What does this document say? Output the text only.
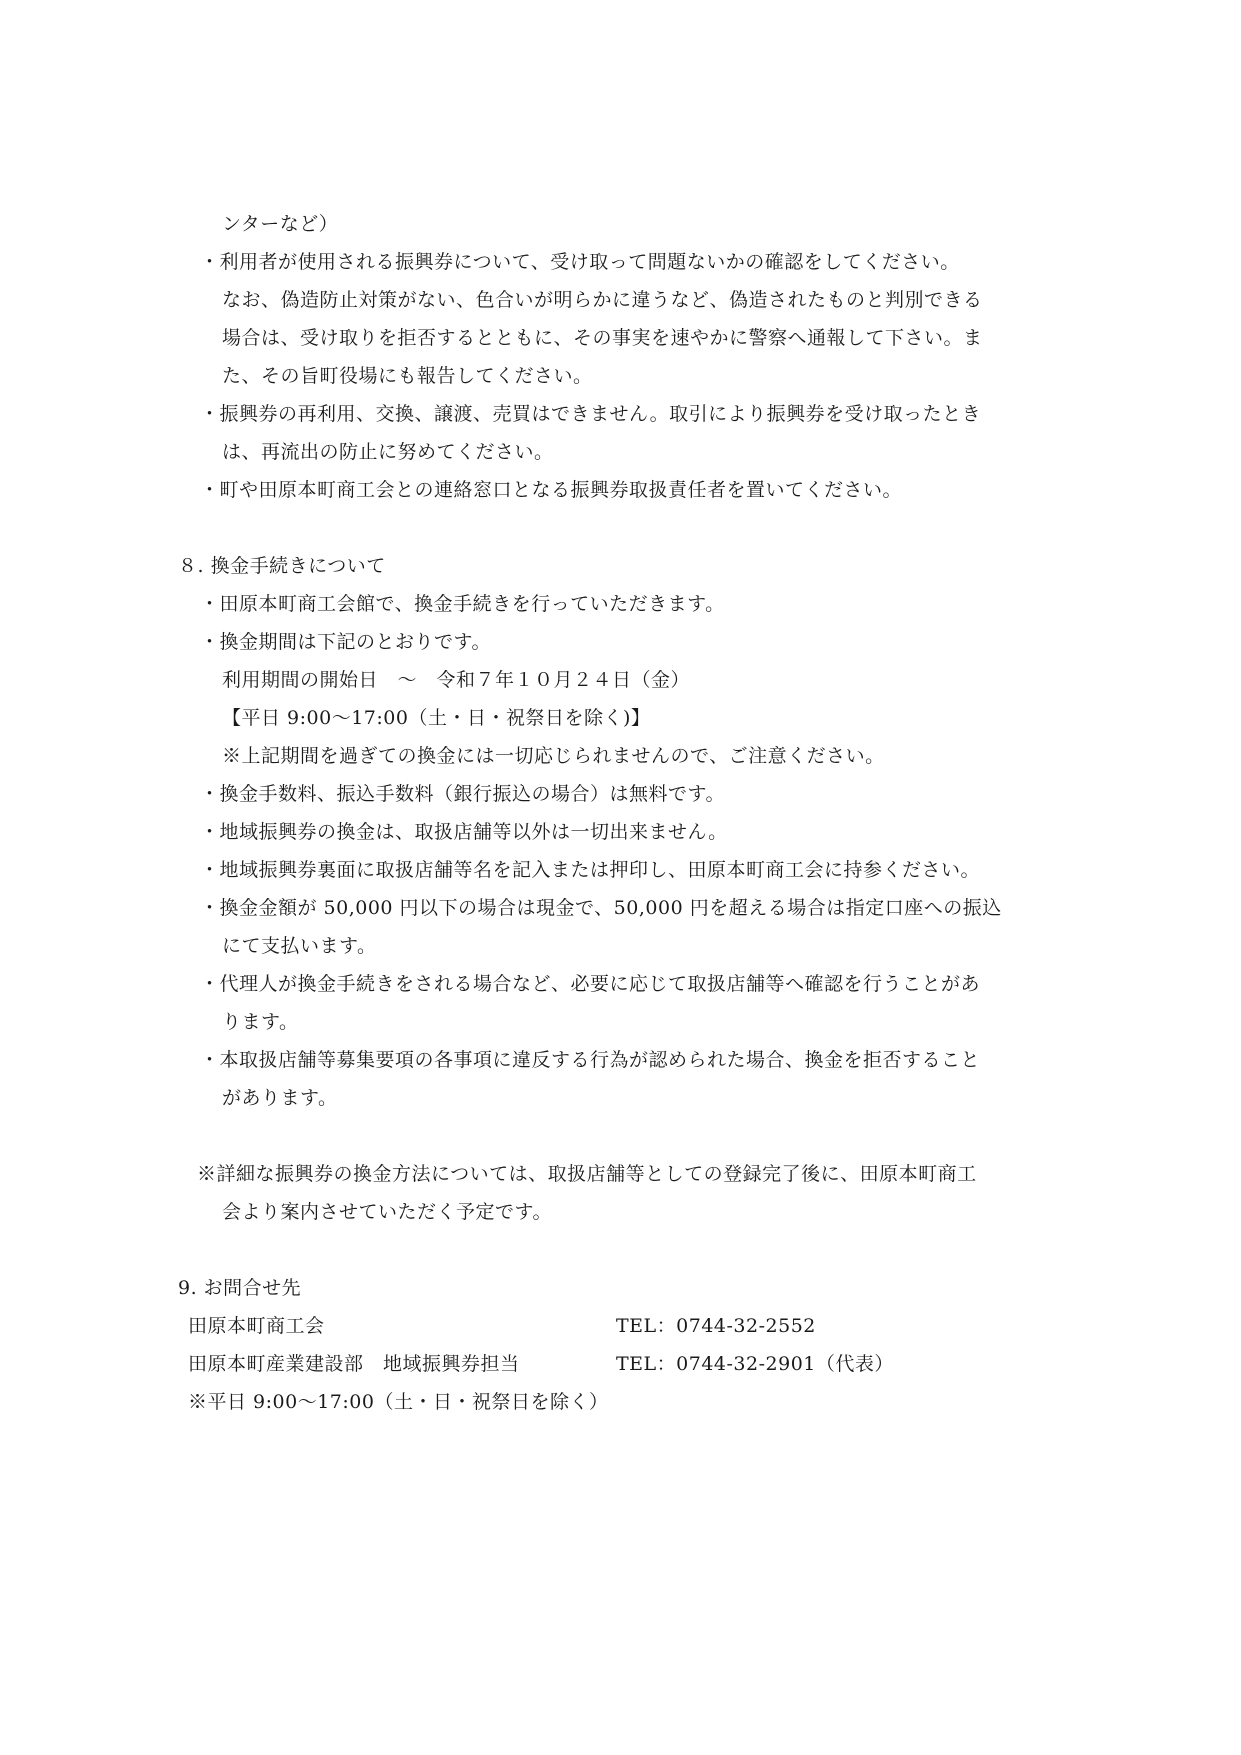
ンターなど）
・利用者が使用される振興券について、受け取って問題ないかの確認をしてください。
なお、偽造防止対策がない、色合いが明らかに違うなど、偽造されたものと判別できる
場合は、受け取りを拒否するとともに、その事実を速やかに警察へ通報して下さい。ま
た、その旨町役場にも報告してください。
・振興券の再利用、交換、譲渡、売買はできません。取引により振興券を受け取ったとき
は、再流出の防止に努めてください。
・町や田原本町商工会との連絡窓口となる振興券取扱責任者を置いてください。
８. 換金手続きについて
・田原本町商工会館で、換金手続きを行っていただきます。
・換金期間は下記のとおりです。
利用期間の開始日　～　令和７年１０月２４日（金）
【平日 9:00～17:00（土・日・祝祭日を除く)】
※上記期間を過ぎての換金には一切応じられませんので、ご注意ください。
・換金手数料、振込手数料（銀行振込の場合）は無料です。
・地域振興券の換金は、取扱店舗等以外は一切出来ません。
・地域振興券裏面に取扱店舗等名を記入または押印し、田原本町商工会に持参ください。
・換金金額が 50,000 円以下の場合は現金で、50,000 円を超える場合は指定口座への振込
にて支払います。
・代理人が換金手続きをされる場合など、必要に応じて取扱店舗等へ確認を行うことがあ
ります。
・本取扱店舗等募集要項の各事項に違反する行為が認められた場合、換金を拒否すること
があります。
※詳細な振興券の換金方法については、取扱店舗等としての登録完了後に、田原本町商工
会より案内させていただく予定です。
9. お問合せ先
田原本町商工会	TEL：0744-32-2552
田原本町産業建設部　地域振興券担当	TEL：0744-32-2901（代表）
※平日 9:00～17:00（土・日・祝祭日を除く）
